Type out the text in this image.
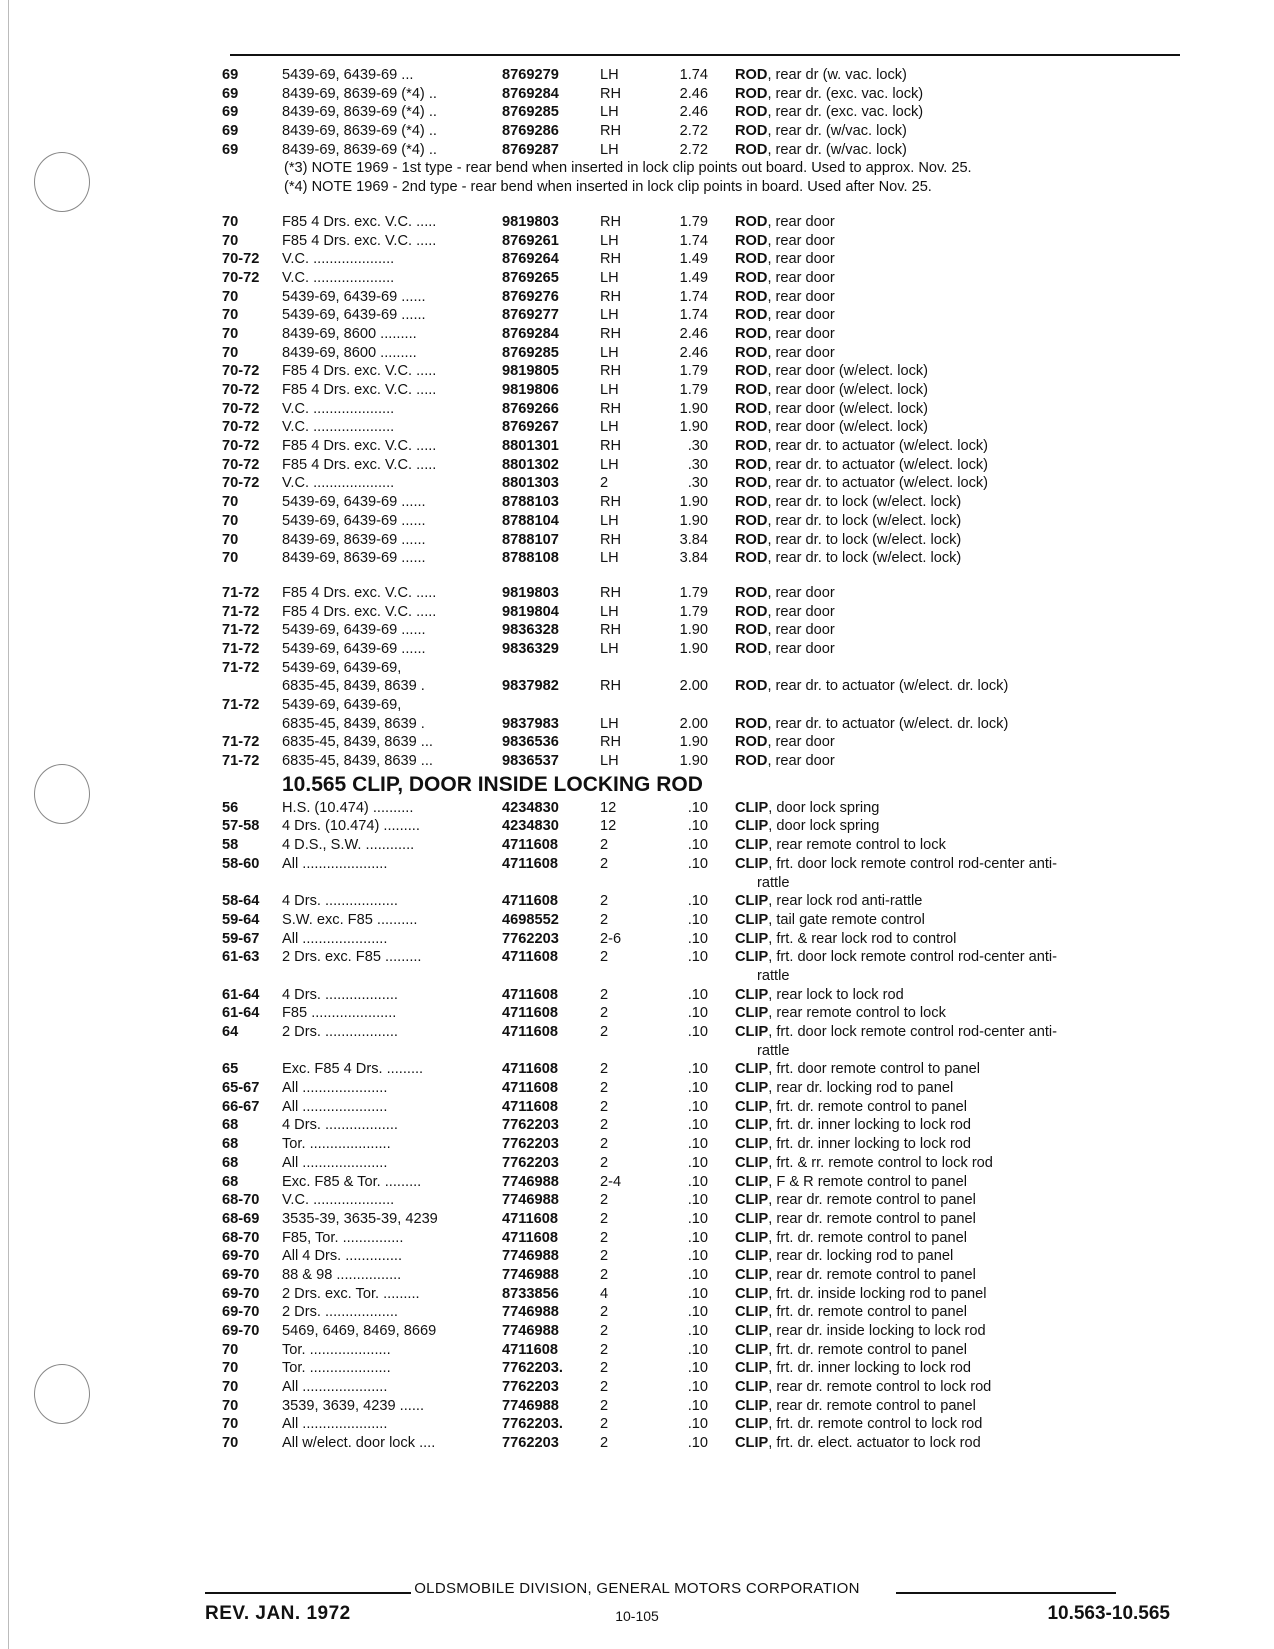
69	5439-69, 6439-69 ...	8769279	LH	1.74 ROD, rear dr (w. vac. lock)
69	8439-69, 8639-69 (*4) ..	8769284	RH	2.46 ROD, rear dr. (exc. vac. lock)
69	8439-69, 8639-69 (*4) ..	8769285	LH	2.46 ROD, rear dr. (exc. vac. lock)
69	8439-69, 8639-69 (*4) ..	8769286	RH	2.72 ROD, rear dr. (w/vac. lock)
69	8439-69, 8639-69 (*4) ..	8769287	LH	2.72 ROD, rear dr. (w/vac. lock)
(*3) NOTE 1969 - 1st type - rear bend when inserted in lock clip points out board. Used to approx. Nov. 25.
(*4) NOTE 1969 - 2nd type - rear bend when inserted in lock clip points in board. Used after Nov. 25.
70	F85 4 Drs. exc. V.C. .....	9819803	RH	1.79 ROD, rear door
70	F85 4 Drs. exc. V.C. .....	8769261	LH	1.74 ROD, rear door
70-72	V.C. ....................	8769264	RH	1.49 ROD, rear door
70-72	V.C. ....................	8769265	LH	1.49 ROD, rear door
70	5439-69, 6439-69 ......	8769276	RH	1.74 ROD, rear door
70	5439-69, 6439-69 ......	8769277	LH	1.74 ROD, rear door
70	8439-69, 8600 .........	8769284	RH	2.46 ROD, rear door
70	8439-69, 8600 .........	8769285	LH	2.46 ROD, rear door
70-72	F85 4 Drs. exc. V.C. .....	9819805	RH	1.79 ROD, rear door (w/elect. lock)
70-72	F85 4 Drs. exc. V.C. .....	9819806	LH	1.79 ROD, rear door (w/elect. lock)
70-72	V.C. ....................	8769266	RH	1.90 ROD, rear door (w/elect. lock)
70-72	V.C. ....................	8769267	LH	1.90 ROD, rear door (w/elect. lock)
70-72	F85 4 Drs. exc. V.C. .....	8801301	RH	.30 ROD, rear dr. to actuator (w/elect. lock)
70-72	F85 4 Drs. exc. V.C. .....	8801302	LH	.30 ROD, rear dr. to actuator (w/elect. lock)
70-72	V.C. ....................	8801303	2	.30 ROD, rear dr. to actuator (w/elect. lock)
70	5439-69, 6439-69 ......	8788103	RH	1.90 ROD, rear dr. to lock (w/elect. lock)
70	5439-69, 6439-69 ......	8788104	LH	1.90 ROD, rear dr. to lock (w/elect. lock)
70	8439-69, 8639-69 ......	8788107	RH	3.84 ROD, rear dr. to lock (w/elect. lock)
70	8439-69, 8639-69 ......	8788108	LH	3.84 ROD, rear dr. to lock (w/elect. lock)
71-72	F85 4 Drs. exc. V.C. .....	9819803	RH	1.79 ROD, rear door
71-72	F85 4 Drs. exc. V.C. .....	9819804	LH	1.79 ROD, rear door
71-72	5439-69, 6439-69 ......	9836328	RH	1.90 ROD, rear door
71-72	5439-69, 6439-69 ......	9836329	LH	1.90 ROD, rear door
71-72	5439-69, 6439-69,
6835-45, 8439, 8639 .	9837982	RH	2.00 ROD, rear dr. to actuator (w/elect. dr. lock)
71-72	5439-69, 6439-69,
6835-45, 8439, 8639 .	9837983	LH	2.00 ROD, rear dr. to actuator (w/elect. dr. lock)
71-72	6835-45, 8439, 8639 ...	9836536	RH	1.90 ROD, rear door
71-72	6835-45, 8439, 8639 ...	9836537	LH	1.90 ROD, rear door
10.565 CLIP, DOOR INSIDE LOCKING ROD
56	H.S. (10.474) ..........	4234830	12	.10 CLIP, door lock spring
57-58	4 Drs. (10.474) .........	4234830	12	.10 CLIP, door lock spring
58	4 D.S., S.W. ............	4711608	2	.10 CLIP, rear remote control to lock
58-60	All .....................	4711608	2	.10 CLIP, frt. door lock remote control rod-center anti-
rattle
58-64	4 Drs. ..................	4711608	2	.10 CLIP, rear lock rod anti-rattle
59-64	S.W. exc. F85 ..........	4698552	2	.10 CLIP, tail gate remote control
59-67	All .....................	7762203	2-6	.10 CLIP, frt. & rear lock rod to control
61-63	2 Drs. exc. F85 .........	4711608	2	.10 CLIP, frt. door lock remote control rod-center anti-
rattle
61-64	4 Drs. ..................	4711608	2	.10 CLIP, rear lock to lock rod
61-64	F85 .....................	4711608	2	.10 CLIP, rear remote control to lock
64	2 Drs. ..................	4711608	2	.10 CLIP, frt. door lock remote control rod-center anti-
rattle
65	Exc. F85 4 Drs. .........	4711608	2	.10 CLIP, frt. door remote control to panel
65-67	All .....................	4711608	2	.10 CLIP, rear dr. locking rod to panel
66-67	All .....................	4711608	2	.10 CLIP, frt. dr. remote control to panel
68	4 Drs. ..................	7762203	2	.10 CLIP, frt. dr. inner locking to lock rod
68	Tor. ....................	7762203	2	.10 CLIP, frt. dr. inner locking to lock rod
68	All .....................	7762203	2	.10 CLIP, frt. & rr. remote control to lock rod
68	Exc. F85 & Tor. .........	7746988	2-4	.10 CLIP, F & R remote control to panel
68-70	V.C. ....................	7746988	2	.10 CLIP, rear dr. remote control to panel
68-69	3535-39, 3635-39, 4239	4711608	2	.10 CLIP, rear dr. remote control to panel
68-70	F85, Tor. ...............	4711608	2	.10 CLIP, frt. dr. remote control to panel
69-70	All 4 Drs. ..............	7746988	2	.10 CLIP, rear dr. locking rod to panel
69-70	88 & 98 ................	7746988	2	.10 CLIP, rear dr. remote control to panel
69-70	2 Drs. exc. Tor. .........	8733856	4	.10 CLIP, frt. dr. inside locking rod to panel
69-70	2 Drs. ..................	7746988	2	.10 CLIP, frt. dr. remote control to panel
69-70	5469, 6469, 8469, 8669	7746988	2	.10 CLIP, rear dr. inside locking to lock rod
70	Tor. ....................	4711608	2	.10 CLIP, frt. dr. remote control to panel
70	Tor. ....................	7762203.	2	.10 CLIP, frt. dr. inner locking to lock rod
70	All .....................	7762203	2	.10 CLIP, rear dr. remote control to lock rod
70	3539, 3639, 4239 ......	7746988	2	.10 CLIP, rear dr. remote control to panel
70	All .....................	7762203.	2	.10 CLIP, frt. dr. remote control to lock rod
70	All w/elect. door lock ....	7762203	2	.10 CLIP, frt. dr. elect. actuator to lock rod
OLDSMOBILE DIVISION, GENERAL MOTORS CORPORATION
REV. JAN. 1972	10-105	10.563-10.565
